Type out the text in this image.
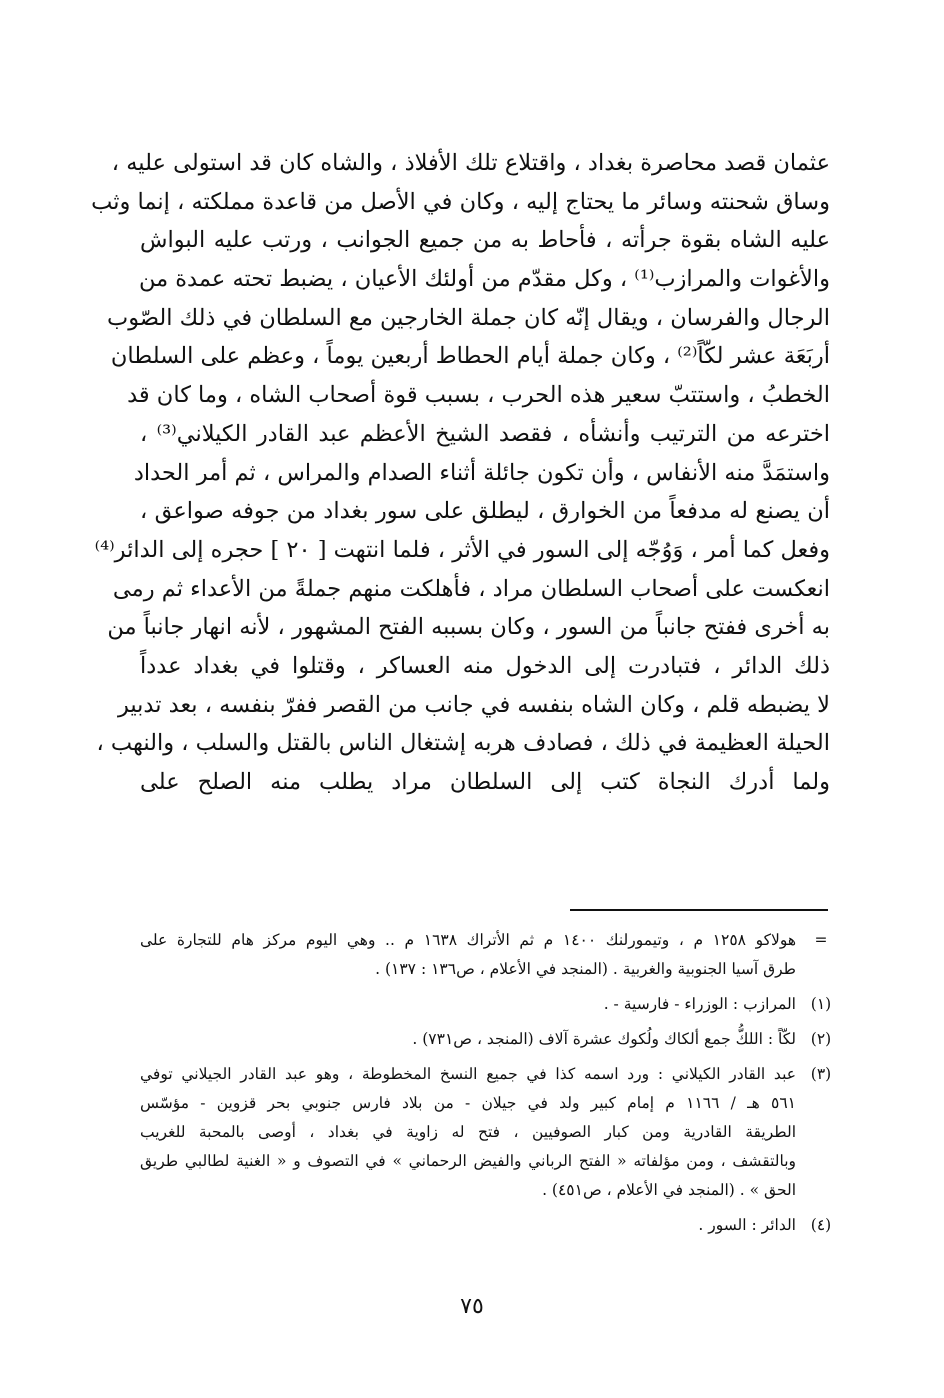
عثمان قصد محاصرة بغداد ، واقتلاع تلك الأفلاذ ، والشاه كان قد استولى عليه ،
وساق شحنته وسائر ما يحتاج إليه ، وكان في الأصل من قاعدة مملكته ، إنما وثب
عليه الشاه بقوة جرأته ، فأحاط به من جميع الجوانب ، ورتب عليه البواش
والأغوات والمرازب⁽¹⁾ ، وكل مقدّم من أولئك الأعيان ، يضبط تحته عمدة من
الرجال والفرسان ، ويقال إنّه كان جملة الخارجين مع السلطان في ذلك الصّوب
أربَعَة عشر لكّاً⁽²⁾ ، وكان جملة أيام الحطاط أربعين يوماً ، وعظم على السلطان
الخطبُ ، واستتبّ سعير هذه الحرب ، بسبب قوة أصحاب الشاه ، وما كان قد
اخترعه من الترتيب وأنشأه ، فقصد الشيخ الأعظم عبد القادر الكيلاني⁽³⁾ ،
واستمَدَّ منه الأنفاس ، وأن تكون جائلة أثناء الصدام والمراس ، ثم أمر الحداد
أن يصنع له مدفعاً من الخوارق ، ليطلق على سور بغداد من جوفه صواعق ،
وفعل كما أمر ، وَوُجّه إلى السور في الأثر ، فلما انتهت [ ٢٠ ] حجره إلى الدائر⁽⁴⁾
انعكست على أصحاب السلطان مراد ، فأهلكت منهم جملةً من الأعداء ثم رمى
به أخرى ففتح جانباً من السور ، وكان بسببه الفتح المشهور ، لأنه انهار جانباً من
ذلك الدائر ، فتبادرت إلى الدخول منه العساكر ، وقتلوا في بغداد عدداً
لا يضبطه قلم ، وكان الشاه بنفسه في جانب من القصر ففرّ بنفسه ، بعد تدبير
الحيلة العظيمة في ذلك ، فصادف هربه إشتغال الناس بالقتل والسلب ، والنهب ،
ولما أدرك النجاة كتب إلى السلطان مراد يطلب منه الصلح على
=
هولاكو ١٢٥٨ م ، وتيمورلنك ١٤٠٠ م ثم الأتراك ١٦٣٨ م .. وهي اليوم مركز هام للتجارة على
طرق آسيا الجنوبية والغربية . (المنجد في الأعلام ، ص١٣٦ : ١٣٧) .
(١)
المرازب : الوزراء - فارسية - .
(٢)
لكّاً : اللكُّ جمع ألكاك ولُكوك عشرة آلاف (المنجد ، ص٧٣١) .
(٣)
عبد القادر الكيلاني : ورد اسمه كذا في جميع النسخ المخطوطة ، وهو عبد القادر الجيلاني توفي
٥٦١ هـ / ١١٦٦ م إمام كبير ولد في جيلان - من بلاد فارس جنوبي بحر قزوين - مؤسّس
الطريقة القادرية ومن كبار الصوفيين ، فتح له زاوية في بغداد ، أوصى بالمحبة للغريب
وبالتقشف ، ومن مؤلفاته « الفتح الرباني والفيض الرحماني » في التصوف و « الغنية لطالبي طريق
الحق » . (المنجد في الأعلام ، ص٤٥١) .
(٤)
الدائر : السور .
٧٥
